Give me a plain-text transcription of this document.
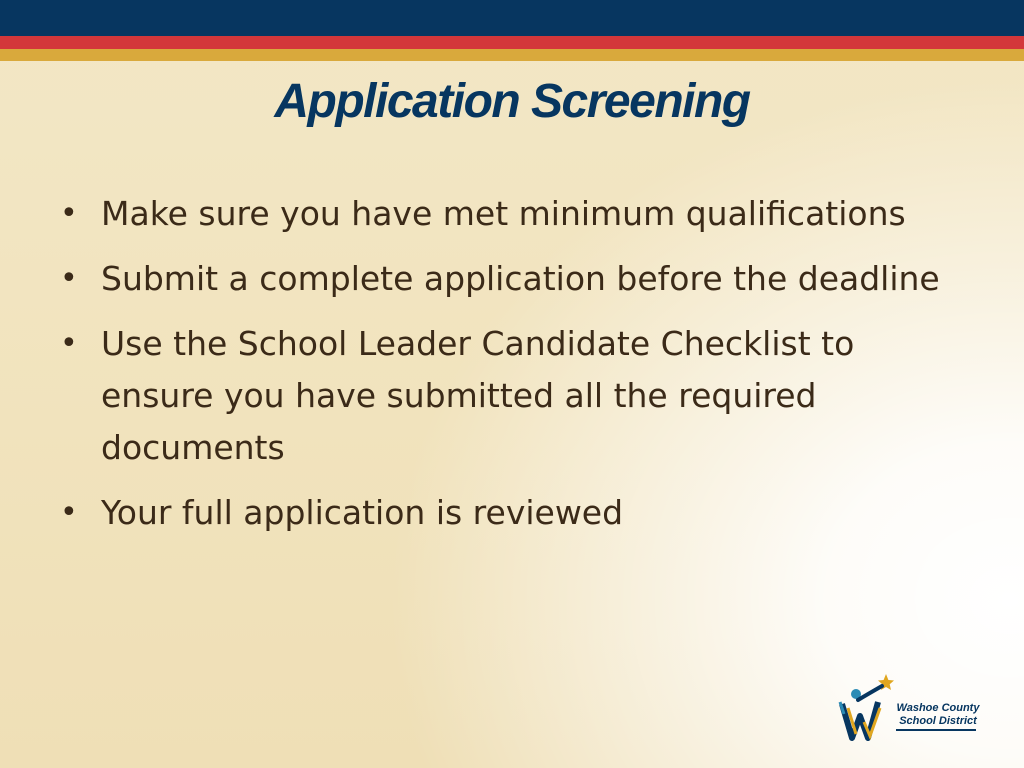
Application Screening
• Make sure you have met minimum qualifications
• Submit a complete application before the deadline
• Use the School Leader Candidate Checklist to ensure you have submitted all the required documents
• Your full application is reviewed
Washoe County
School District
